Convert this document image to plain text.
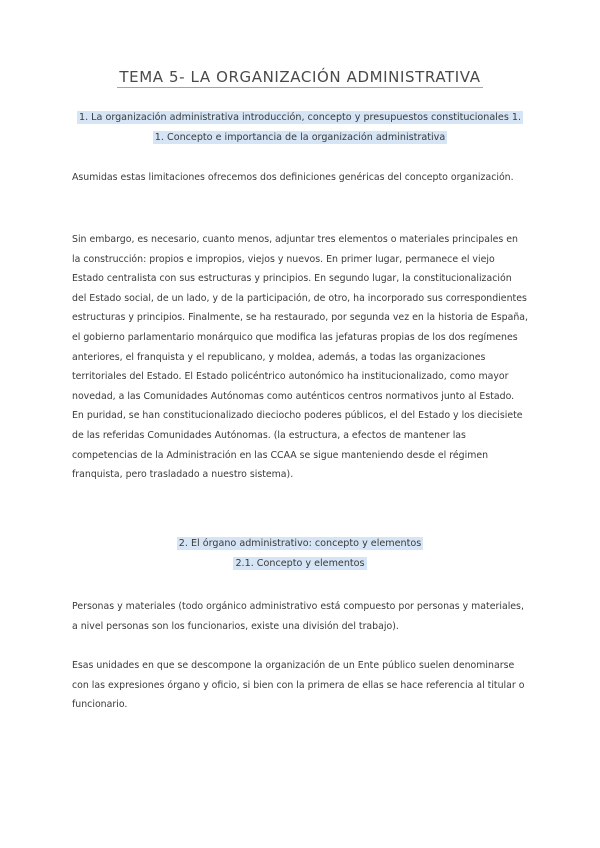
TEMA 5- LA ORGANIZACIÓN ADMINISTRATIVA
1. La organización administrativa introducción, concepto y presupuestos constitucionales 1.
1. Concepto e importancia de la organización administrativa

Asumidas estas limitaciones ofrecemos dos definiciones genéricas del concepto organización.

Sin embargo, es necesario, cuanto menos, adjuntar tres elementos o materiales principales en la construcción: propios e impropios, viejos y nuevos. En primer lugar, permanece el viejo Estado centralista con sus estructuras y principios. En segundo lugar, la constitucionalización del Estado social, de un lado, y de la participación, de otro, ha incorporado sus correspondientes estructuras y principios. Finalmente, se ha restaurado, por segunda vez en la historia de España, el gobierno parlamentario monárquico que modifica las jefaturas propias de los dos regímenes anteriores, el franquista y el republicano, y moldea, además, a todas las organizaciones territoriales del Estado. El Estado policéntrico autonómico ha institucionalizado, como mayor novedad, a las Comunidades Autónomas como auténticos centros normativos junto al Estado. En puridad, se han constitucionalizado dieciocho poderes públicos, el del Estado y los diecisiete de las referidas Comunidades Autónomas. (la estructura, a efectos de mantener las competencias de la Administración en las CCAA se sigue manteniendo desde el régimen franquista, pero trasladado a nuestro sistema).

2. El órgano administrativo: concepto y elementos
2.1. Concepto y elementos

Personas y materiales (todo orgánico administrativo está compuesto por personas y materiales, a nivel personas son los funcionarios, existe una división del trabajo).

Esas unidades en que se descompone la organización de un Ente público suelen denominarse con las expresiones órgano y oficio, si bien con la primera de ellas se hace referencia al titular o funcionario.
